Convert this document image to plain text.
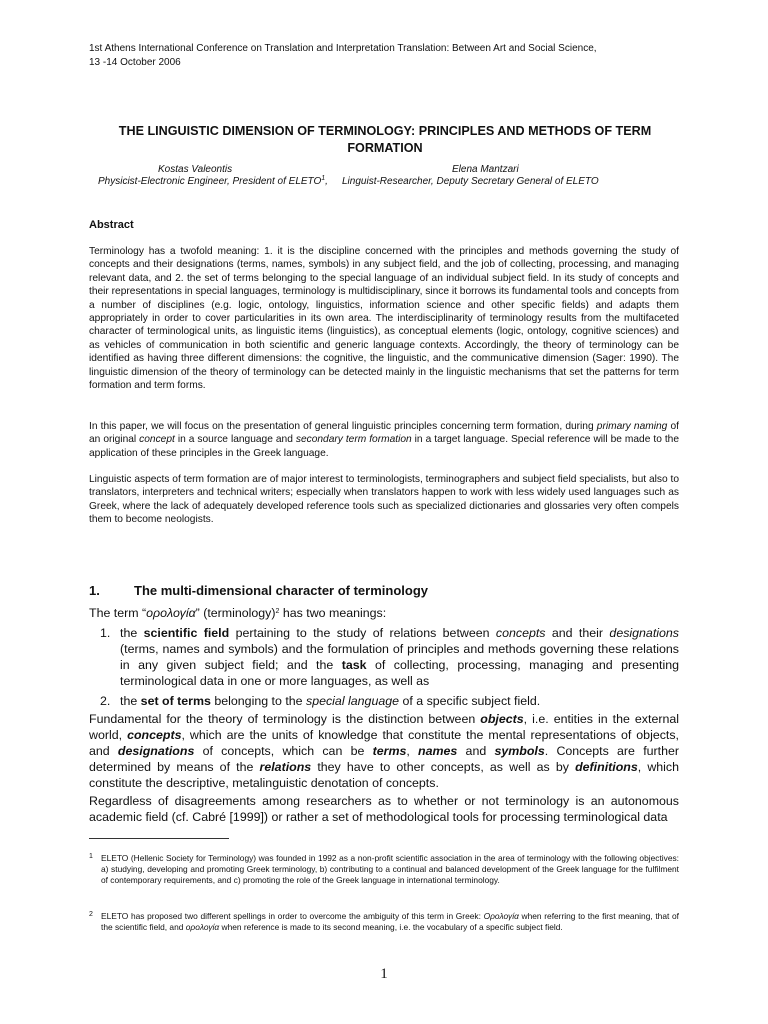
1st Athens International Conference on Translation and Interpretation Translation: Between Art and Social Science,
13 -14 October 2006
THE LINGUISTIC DIMENSION OF TERMINOLOGY: PRINCIPLES AND METHODS OF TERM FORMATION
Kostas Valeontis
Physicist-Electronic Engineer, President of ELETO$^1$,
Elena Mantzari
Linguist-Researcher, Deputy Secretary General of ELETO
Abstract
Terminology has a twofold meaning: 1. it is the discipline concerned with the principles and methods governing the study of concepts and their designations (terms, names, symbols) in any subject field, and the job of collecting, processing, and managing relevant data, and 2. the set of terms belonging to the special language of an individual subject field. In its study of concepts and their representations in special languages, terminology is multidisciplinary, since it borrows its fundamental tools and concepts from a number of disciplines (e.g. logic, ontology, linguistics, information science and other specific fields) and adapts them appropriately in order to cover particularities in its own area. The interdisciplinarity of terminology results from the multifaceted character of terminological units, as linguistic items (linguistics), as conceptual elements (logic, ontology, cognitive sciences) and as vehicles of communication in both scientific and generic language contexts. Accordingly, the theory of terminology can be identified as having three different dimensions: the cognitive, the linguistic, and the communicative dimension (Sager: 1990). The linguistic dimension of the theory of terminology can be detected mainly in the linguistic mechanisms that set the patterns for term formation and term forms.
In this paper, we will focus on the presentation of general linguistic principles concerning term formation, during primary naming of an original concept in a source language and secondary term formation in a target language. Special reference will be made to the application of these principles in the Greek language.
Linguistic aspects of term formation are of major interest to terminologists, terminographers and subject field specialists, but also to translators, interpreters and technical writers; especially when translators happen to work with less widely used languages such as Greek, where the lack of adequately developed reference tools such as specialized dictionaries and glossaries very often compels them to become neologists.
1.	The multi-dimensional character of terminology
The term “ορολογία” (terminology)$^2$ has two meanings:
1. the scientific field pertaining to the study of relations between concepts and their designations (terms, names and symbols) and the formulation of principles and methods governing these relations in any given subject field; and the task of collecting, processing, managing and presenting terminological data in one or more languages, as well as
2. the set of terms belonging to the special language of a specific subject field.
Fundamental for the theory of terminology is the distinction between objects, i.e. entities in the external world, concepts, which are the units of knowledge that constitute the mental representations of objects, and designations of concepts, which can be terms, names and symbols. Concepts are further determined by means of the relations they have to other concepts, as well as by definitions, which constitute the descriptive, metalinguistic denotation of concepts.
Regardless of disagreements among researchers as to whether or not terminology is an autonomous academic field (cf. Cabré [1999]) or rather a set of methodological tools for processing terminological data
1 ELETO (Hellenic Society for Terminology) was founded in 1992 as a non-profit scientific association in the area of terminology with the following objectives: a) studying, developing and promoting Greek terminology, b) contributing to a continual and balanced development of the Greek language for the fulfilment of contemporary requirements, and c) promoting the role of the Greek language in international terminology.
2 ELETO has proposed two different spellings in order to overcome the ambiguity of this term in Greek: Ορολογία when referring to the first meaning, that of the scientific field, and ορολογία when reference is made to its second meaning, i.e. the vocabulary of a specific subject field.
1
